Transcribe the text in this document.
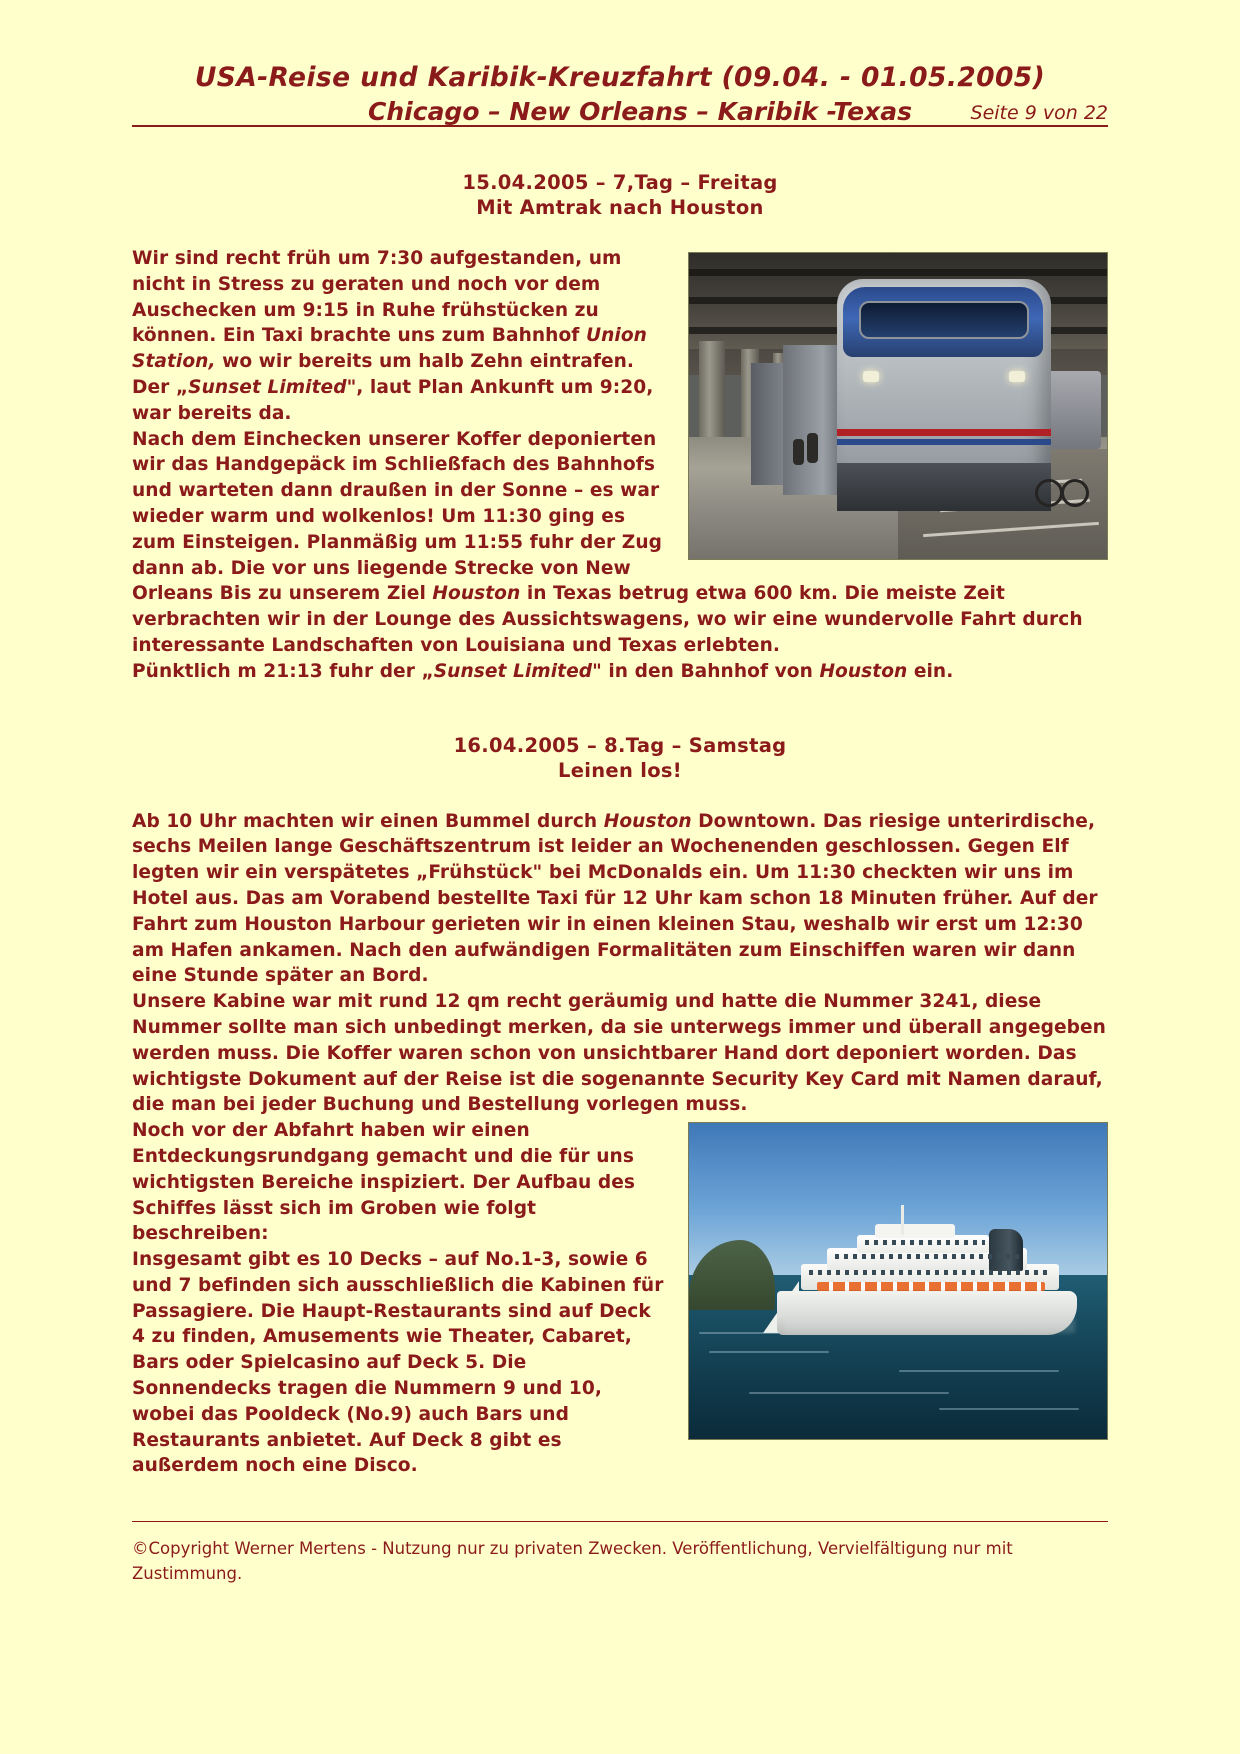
USA-Reise und Karibik-Kreuzfahrt (09.04. - 01.05.2005)
Chicago – New Orleans – Karibik -Texas	Seite 9 von 22
15.04.2005 – 7,Tag – Freitag
Mit Amtrak nach Houston

Wir sind recht früh um 7:30 aufgestanden, um nicht in Stress zu geraten und noch vor dem Auschecken um 9:15 in Ruhe frühstücken zu können. Ein Taxi brachte uns zum Bahnhof Union Station, wo wir bereits um halb Zehn eintrafen. Der „Sunset Limited", laut Plan Ankunft um 9:20, war bereits da.

Nach dem Einchecken unserer Koffer deponierten wir das Handgepäck im Schließfach des Bahnhofs und warteten dann draußen in der Sonne – es war wieder warm und wolkenlos! Um 11:30 ging es zum Einsteigen. Planmäßig um 11:55 fuhr der Zug dann ab. Die vor uns liegende Strecke von New Orleans Bis zu unserem Ziel Houston in Texas betrug etwa 600 km. Die meiste Zeit verbrachten wir in der Lounge des Aussichtswagens, wo wir eine wundervolle Fahrt durch interessante Landschaften von Louisiana und Texas erlebten.

Pünktlich m 21:13 fuhr der „Sunset Limited" in den Bahnhof von Houston ein.

16.04.2005 – 8.Tag – Samstag
Leinen los!

Ab 10 Uhr machten wir einen Bummel durch Houston Downtown. Das riesige unterirdische, sechs Meilen lange Geschäftszentrum ist leider an Wochenenden geschlossen. Gegen Elf legten wir ein verspätetes „Frühstück" bei McDonalds ein. Um 11:30 checkten wir uns im Hotel aus. Das am Vorabend bestellte Taxi für 12 Uhr kam schon 18 Minuten früher. Auf der Fahrt zum Houston Harbour gerieten wir in einen kleinen Stau, weshalb wir erst um 12:30 am Hafen ankamen. Nach den aufwändigen Formalitäten zum Einschiffen waren wir dann eine Stunde später an Bord.

Unsere Kabine war mit rund 12 qm recht geräumig und hatte die Nummer 3241, diese Nummer sollte man sich unbedingt merken, da sie unterwegs immer und überall angegeben werden muss. Die Koffer waren schon von unsichtbarer Hand dort deponiert worden. Das wichtigste Dokument auf der Reise ist die sogenannte Security Key Card mit Namen darauf, die man bei jeder Buchung und Bestellung vorlegen muss.

Noch vor der Abfahrt haben wir einen Entdeckungsrundgang gemacht und die für uns wichtigsten Bereiche inspiziert. Der Aufbau des Schiffes lässt sich im Groben wie folgt beschreiben:

Insgesamt gibt es 10 Decks – auf No.1-3, sowie 6 und 7 befinden sich ausschließlich die Kabinen für Passagiere. Die Haupt-Restaurants sind auf Deck 4 zu finden, Amusements wie Theater, Cabaret, Bars oder Spielcasino auf Deck 5. Die Sonnendecks tragen die Nummern 9 und 10, wobei das Pooldeck (No.9) auch Bars und Restaurants anbietet. Auf Deck 8 gibt es außerdem noch eine Disco.

©Copyright Werner Mertens - Nutzung nur zu privaten Zwecken. Veröffentlichung, Vervielfältigung nur mit Zustimmung.
